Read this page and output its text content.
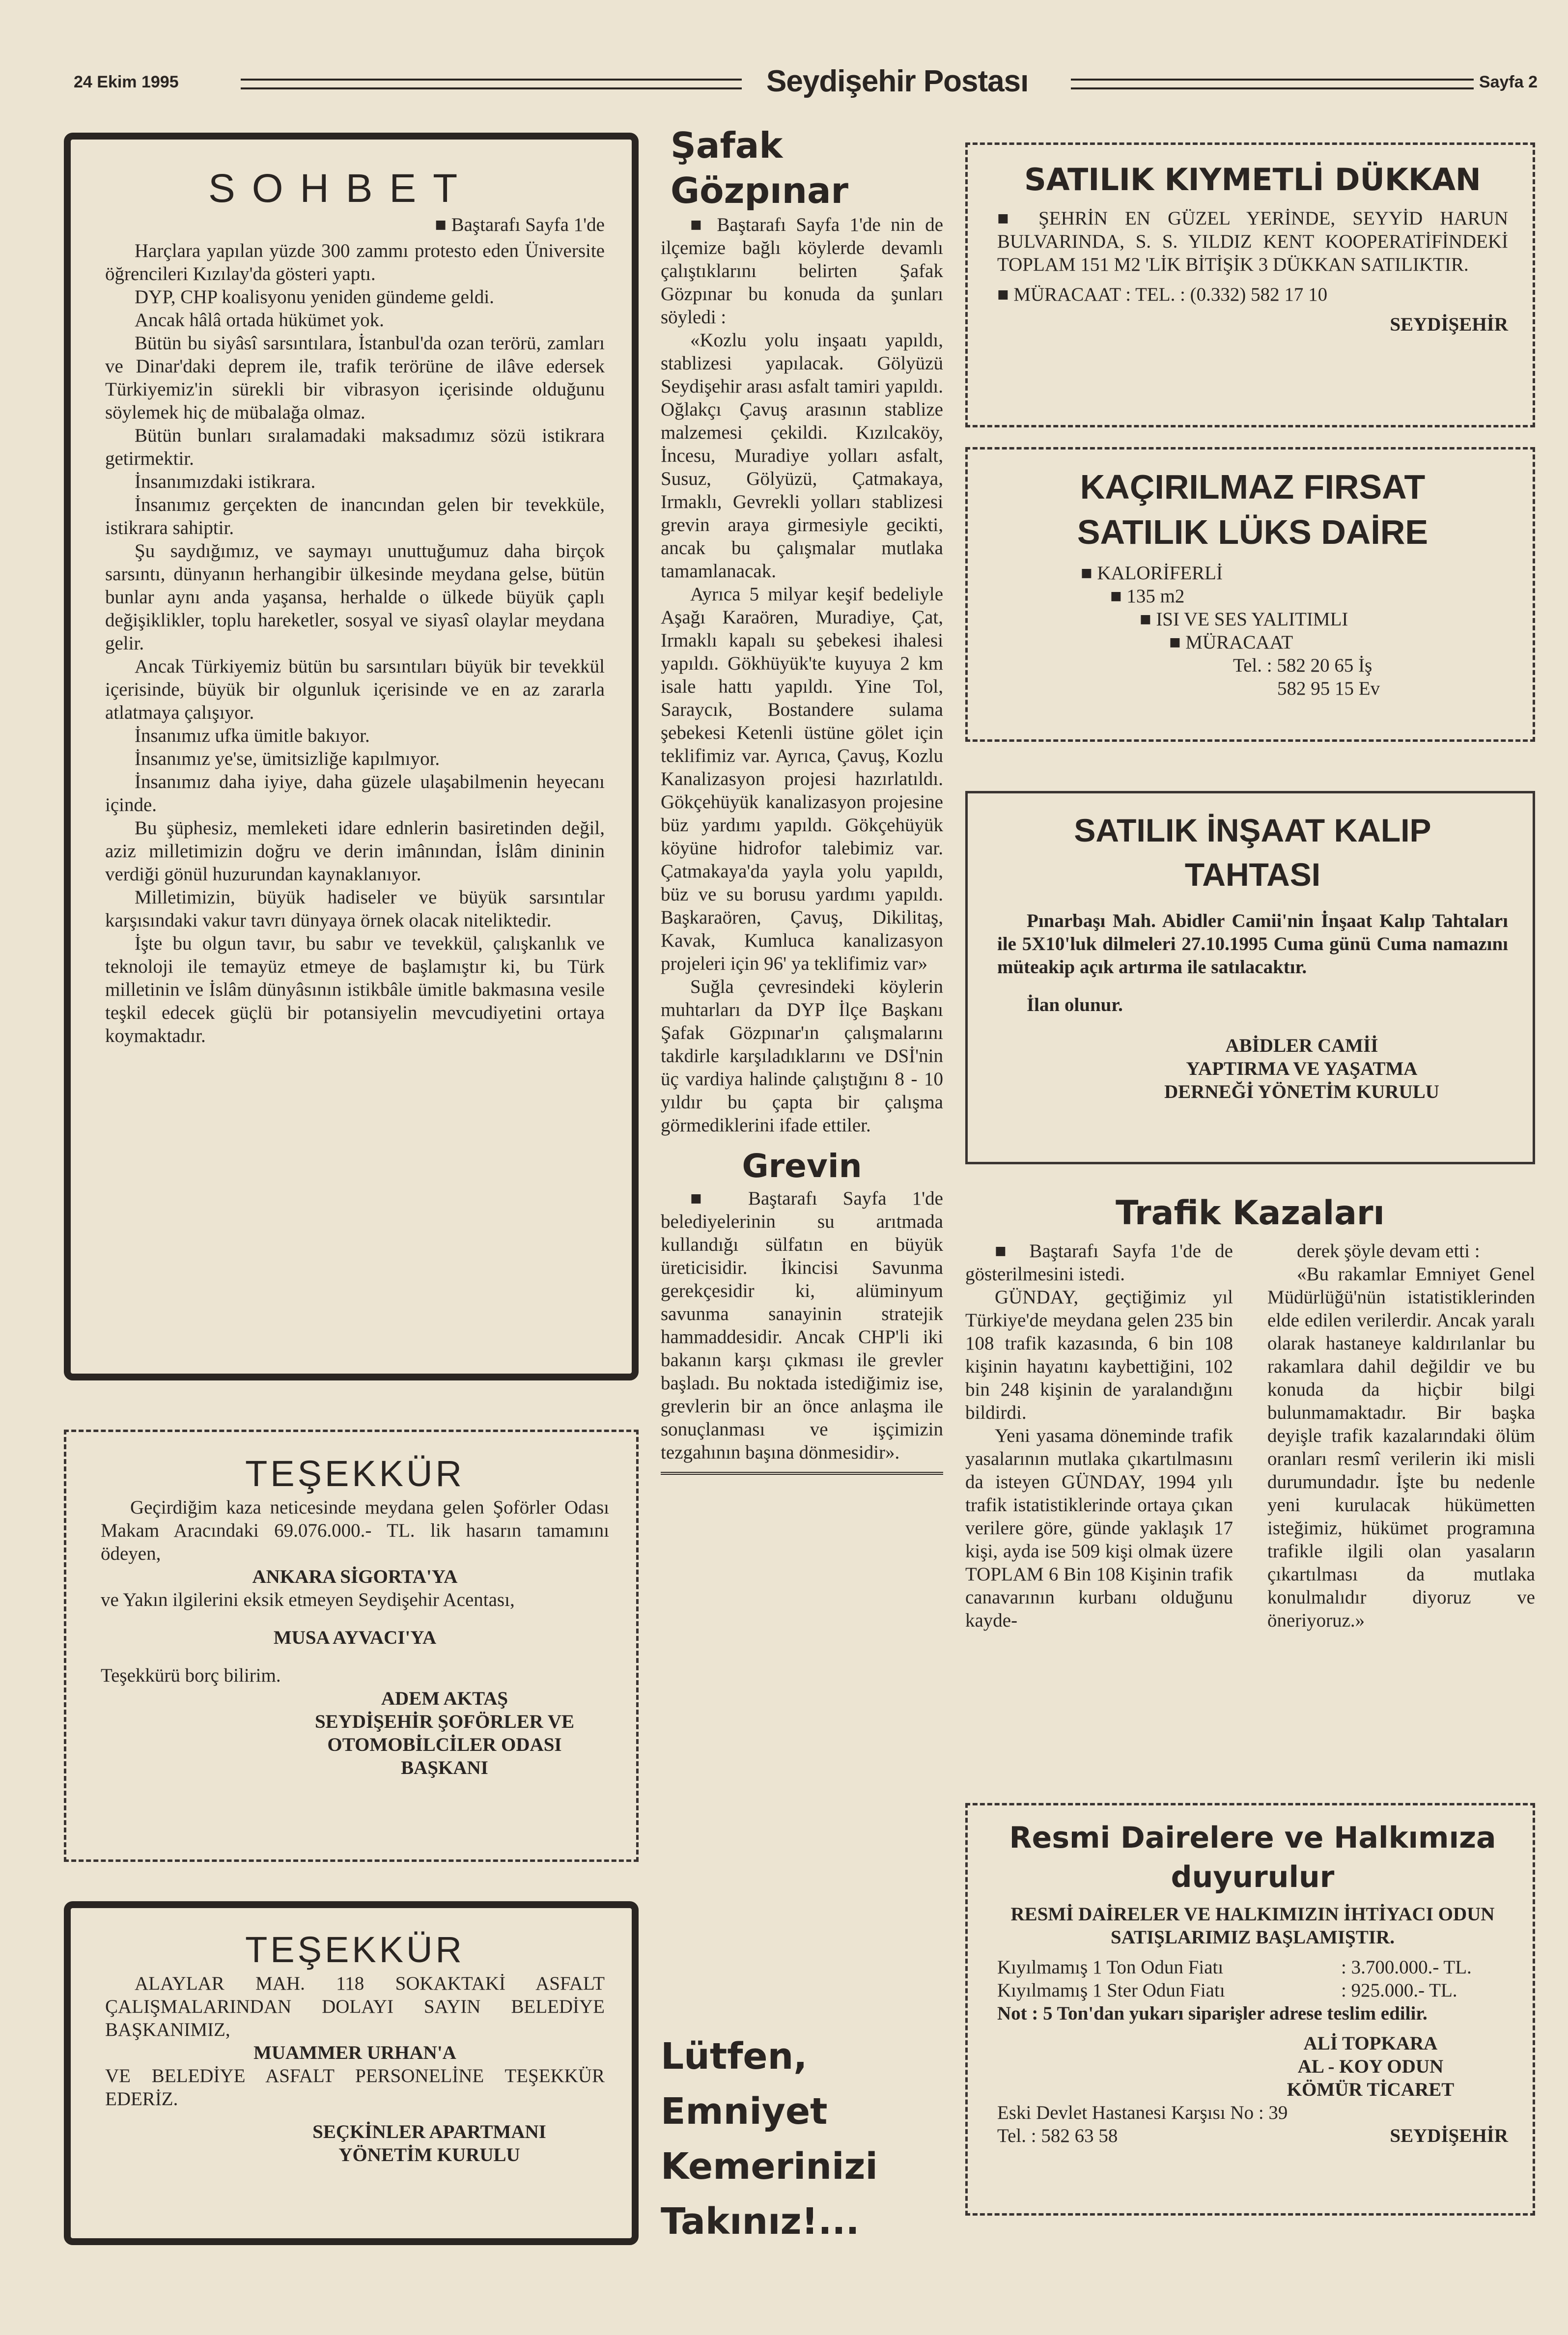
24 Ekim 1995	Seydişehir Postası	Sayfa 2
SOHBET

■ Baştarafı Sayfa 1'de

Harçlara yapılan yüzde 300 zammı protesto eden Üniversite öğrencileri Kızılay'da gösteri yaptı.

DYP, CHP koalisyonu yeniden gündeme geldi.

Ancak hâlâ ortada hükümet yok.

Bütün bu siyâsî sarsıntılara, İstanbul'da ozan terörü, zamları ve Dinar'daki deprem ile, trafik terörüne de ilâve edersek Türkiyemiz'in sürekli bir vibrasyon içerisinde olduğunu söylemek hiç de mübalağa olmaz.

Bütün bunları sıralamadaki maksadımız sözü istikrara getirmektir.

İnsanımızdaki istikrara.

İnsanımız gerçekten de inancından gelen bir tevekküle, istikrara sahiptir.

Şu saydığımız, ve saymayı unuttuğumuz daha birçok sarsıntı, dünyanın herhangibir ülkesinde meydana gelse, bütün bunlar aynı anda yaşansa, herhalde o ülkede büyük çaplı değişiklikler, toplu hareketler, sosyal ve siyasî olaylar meydana gelir.

Ancak Türkiyemiz bütün bu sarsıntıları büyük bir tevekkül içerisinde, büyük bir olgunluk içerisinde ve en az zararla atlatmaya çalışıyor.

İnsanımız ufka ümitle bakıyor.

İnsanımız ye'se, ümitsizliğe kapılmıyor.

İnsanımız daha iyiye, daha güzele ulaşabilmenin heyecanı içinde.

Bu şüphesiz, memleketi idare ednlerin basiretinden değil, aziz milletimizin doğru ve derin imânından, İslâm dininin verdiği gönül huzurundan kaynaklanıyor.

Milletimizin, büyük hadiseler ve büyük sarsıntılar karşısındaki vakur tavrı dünyaya örnek olacak niteliktedir.

İşte bu olgun tavır, bu sabır ve tevekkül, çalışkanlık ve teknoloji ile temayüz etmeye de başlamıştır ki, bu Türk milletinin ve İslâm dünyâsının istikbâle ümitle bakmasına vesile teşkil edecek güçlü bir potansiyelin mevcudiyetini ortaya koymaktadır.

TEŞEKKÜR

Geçirdiğim kaza neticesinde meydana gelen Şoförler Odası Makam Aracındaki 69.076.000.- TL. lik hasarın tamamını ödeyen,

ANKARA SİGORTA'YA

ve Yakın ilgilerini eksik etmeyen Seydişehir Acentası,

MUSA AYVACI'YA

Teşekkürü borç bilirim.

ADEM AKTAŞ
SEYDİŞEHİR ŞOFÖRLER VE
OTOMOBİLCİLER ODASI
BAŞKANI
TEŞEKKÜR

ALAYLAR MAH. 118 SOKAKTAKİ ASFALT ÇALIŞMALARINDAN DOLAYI SAYIN BELEDİYE BAŞKANIMIZ,

MUAMMER URHAN'A

VE BELEDİYE ASFALT PERSONELİNE TEŞEKKÜR EDERİZ.

SEÇKİNLER APARTMANI
YÖNETİM KURULU
Şafak Gözpınar

■ Baştarafı Sayfa 1'de nin de ilçemize bağlı köylerde devamlı çalıştıklarını belirten Şafak Gözpınar bu konuda da şunları söyledi :

«Kozlu yolu inşaatı yapıldı, stablizesi yapılacak. Gölyüzü Seydişehir arası asfalt tamiri yapıldı. Oğlakçı Çavuş arasının stablize malzemesi çekildi. Kızılcaköy, İncesu, Muradiye yolları asfalt, Susuz, Gölyüzü, Çatmakaya, Irmaklı, Gevrekli yolları stablizesi grevin araya girmesiyle gecikti, ancak bu çalışmalar mutlaka tamamlanacak.

Ayrıca 5 milyar keşif bedeliyle Aşağı Karaören, Muradiye, Çat, Irmaklı kapalı su şebekesi ihalesi yapıldı. Gökhüyük'te kuyuya 2 km isale hattı yapıldı. Yine Tol, Saraycık, Bostandere sulama şebekesi Ketenli üstüne gölet için teklifimiz var. Ayrıca, Çavuş, Kozlu Kanalizasyon projesi hazırlatıldı. Gökçehüyük kanalizasyon projesine büz yardımı yapıldı. Gökçehüyük köyüne hidrofor talebimiz var. Çatmakaya'da yayla yolu yapıldı, büz ve su borusu yardımı yapıldı. Başkaraören, Çavuş, Dikilitaş, Kavak, Kumluca kanalizasyon projeleri için 96' ya teklifimiz var»

Suğla çevresindeki köylerin muhtarları da DYP İlçe Başkanı Şafak Gözpınar'ın çalışmalarını takdirle karşıladıklarını ve DSİ'nin üç vardiya halinde çalıştığını 8 - 10 yıldır bu çapta bir çalışma görmediklerini ifade ettiler.

Grevin

■ Baştarafı Sayfa 1'de belediyelerinin su arıtmada kullandığı sülfatın en büyük üreticisidir. İkincisi Savunma gerekçesidir ki, alüminyum savunma sanayinin stratejik hammaddesidir. Ancak CHP'li iki bakanın karşı çıkması ile grevler başladı. Bu noktada istediğimiz ise, grevlerin bir an önce anlaşma ile sonuçlanması ve işçimizin tezgahının başına dönmesidir».

Lütfen,
Emniyet
Kemerinizi
Takınız!...
SATILIK KIYMETLİ DÜKKAN

■ ŞEHRİN EN GÜZEL YERİNDE, SEYYİD HARUN BULVARINDA, S. S. YILDIZ KENT KOOPERATİFİNDEKİ TOPLAM 151 M2 'LİK BİTİŞİK 3 DÜKKAN SATILIKTIR.

■ MÜRACAAT : TEL. : (0.332) 582 17 10

SEYDİŞEHİR

KAÇIRILMAZ FIRSAT
SATILIK LÜKS DAİRE

■ KALORİFERLİ

■ 135 m2

■ ISI VE SES YALITIMLI

■ MÜRACAAT

Tel. : 582 20 65 İş

582 95 15 Ev

SATILIK İNŞAAT KALIP
TAHTASI

Pınarbaşı Mah. Abidler Camii'nin İnşaat Kalıp Tahtaları ile 5X10'luk dilmeleri 27.10.1995 Cuma günü Cuma namazını müteakip açık artırma ile satılacaktır.

İlan olunur.

ABİDLER CAMİİ
YAPTIRMA VE YAŞATMA
DERNEĞİ YÖNETİM KURULU
Trafik Kazaları

■ Baştarafı Sayfa 1'de de gösterilmesini istedi.

GÜNDAY, geçtiğimiz yıl Türkiye'de meydana gelen 235 bin 108 trafik kazasında, 6 bin 108 kişinin hayatını kaybettiğini, 102 bin 248 kişinin de yaralandığını bildirdi.

Yeni yasama döneminde trafik yasalarının mutlaka çıkartılmasını da isteyen GÜNDAY, 1994 yılı trafik istatistiklerinde ortaya çıkan verilere göre, günde yaklaşık 17 kişi, ayda ise 509 kişi olmak üzere TOPLAM 6 Bin 108 Kişinin trafik canavarının kurbanı olduğunu kayde-

derek şöyle devam etti :

«Bu rakamlar Emniyet Genel Müdürlüğü'nün istatistiklerinden elde edilen verilerdir. Ancak yaralı olarak hastaneye kaldırılanlar bu rakamlara dahil değildir ve bu konuda da hiçbir bilgi bulunmamaktadır. Bir başka deyişle trafik kazalarındaki ölüm oranları resmî verilerin iki misli durumundadır. İşte bu nedenle yeni kurulacak hükümetten isteğimiz, hükümet programına trafikle ilgili olan yasaların çıkartılması da mutlaka konulmalıdır diyoruz ve öneriyoruz.»

Resmi Dairelere ve Halkımıza
duyurulur

RESMİ DAİRELER VE HALKIMIZIN İHTİYACI ODUN SATIŞLARIMIZ BAŞLAMIŞTIR.

Kıyılmamış 1 Ton Odun Fiatı	: 3.700.000.- TL.
Kıyılmamış 1 Ster Odun Fiatı	: 925.000.- TL.

Not : 5 Ton'dan yukarı siparişler adrese teslim edilir.

ALİ TOPKARA
AL - KOY ODUN
KÖMÜR TİCARET

Eski Devlet Hastanesi Karşısı No : 39

Tel. : 582 63 58	SEYDİŞEHİR
